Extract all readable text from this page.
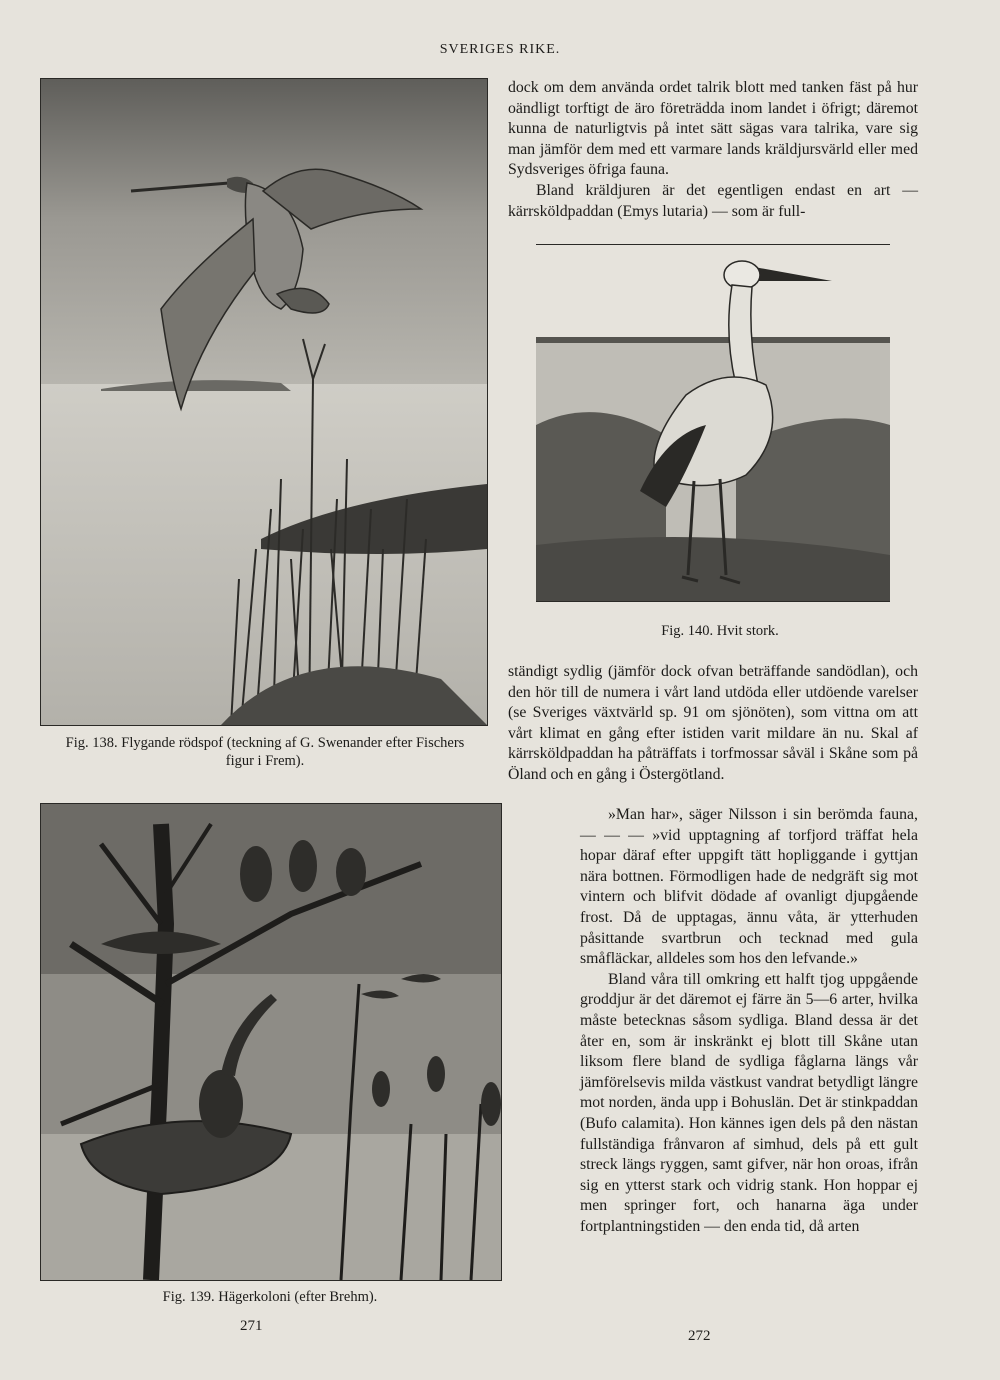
SVERIGES RIKE.
Fig. 138. Flygande rödspof (teckning af G. Swenander efter Fischers figur i Frem).
Fig. 139. Hägerkoloni (efter Brehm).
Fig. 140. Hvit stork.

dock om dem använda ordet talrik blott med tanken fäst på hur oändligt torftigt de äro företrädda inom landet i öfrigt; däremot kunna de naturligtvis på intet sätt sägas vara talrika, vare sig man jämför dem med ett varmare lands kräldjursvärld eller med Sydsveriges öfriga fauna.

Bland kräldjuren är det egentligen endast en art — kärrsköldpaddan (Emys lutaria) — som är full-

ständigt sydlig (jämför dock ofvan beträffande sandödlan), och den hör till de numera i vårt land utdöda eller utdöende varelser (se Sveriges växtvärld sp. 91 om sjönöten), som vittna om att vårt klimat en gång efter istiden varit mildare än nu. Skal af kärrsköldpaddan ha påträffats i torfmossar såväl i Skåne som på Öland och en gång i Östergötland.

»Man har», säger Nilsson i sin berömda fauna, — — — »vid upptagning af torfjord träffat hela hopar däraf efter uppgift tätt hopliggande i gyttjan nära bottnen. Förmodligen hade de nedgräft sig mot vintern och blifvit dödade af ovanligt djupgående frost. Då de upptagas, ännu våta, är ytterhuden påsittande svartbrun och tecknad med gula småfläckar, alldeles som hos den lefvande.»

Bland våra till omkring ett halft tjog uppgående groddjur är det däremot ej färre än 5—6 arter, hvilka måste betecknas såsom sydliga. Bland dessa är det åter en, som är inskränkt ej blott till Skåne utan liksom flere bland de sydliga fåglarna längs vår jämförelsevis milda västkust vandrat betydligt längre mot norden, ända upp i Bohuslän. Det är stinkpaddan (Bufo calamita). Hon kännes igen dels på den nästan fullständiga frånvaron af simhud, dels på ett gult streck längs ryggen, samt gifver, när hon oroas, ifrån sig en ytterst stark och vidrig stank. Hon hoppar ej men springer fort, och hanarna äga under fortplantningstiden — den enda tid, då arten

271
272
